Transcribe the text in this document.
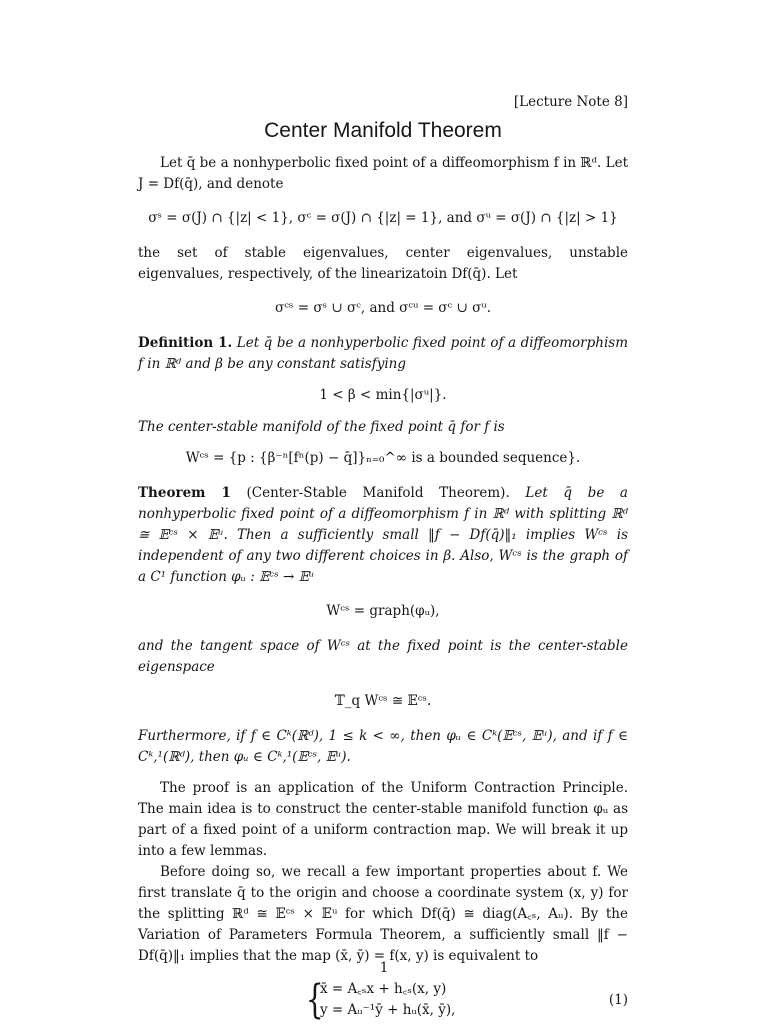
[Lecture Note 8]

Center Manifold Theorem

Let q̄ be a nonhyperbolic fixed point of a diffeomorphism f in ℝᵈ. Let J = Df(q̄), and denote

σˢ = σ(J) ∩ {|z| < 1}, σᶜ = σ(J) ∩ {|z| = 1}, and σᵘ = σ(J) ∩ {|z| > 1}

the set of stable eigenvalues, center eigenvalues, unstable eigenvalues, respectively, of the linearizatoin Df(q̄). Let

σᶜˢ = σˢ ∪ σᶜ, and σᶜᵘ = σᶜ ∪ σᵘ.

Definition 1. Let q̄ be a nonhyperbolic fixed point of a diffeomorphism f in ℝᵈ and β be any constant satisfying

1 < β < min{|σᵘ|}.

The center-stable manifold of the fixed point q̄ for f is

Wᶜˢ = {p : {β⁻ⁿ[fⁿ(p) − q̄]}ₙ₌₀^∞ is a bounded sequence}.

Theorem 1 (Center-Stable Manifold Theorem). Let q̄ be a nonhyperbolic fixed point of a diffeomorphism f in ℝᵈ with splitting ℝᵈ ≅ 𝔼ᶜˢ × 𝔼ᵘ. Then a sufficiently small ‖f − Df(q̄)‖₁ implies Wᶜˢ is independent of any two different choices in β. Also, Wᶜˢ is the graph of a C¹ function φᵤ : 𝔼ᶜˢ → 𝔼ᵘ

Wᶜˢ = graph(φᵤ),

and the tangent space of Wᶜˢ at the fixed point is the center-stable eigenspace

𝕋_q Wᶜˢ ≅ 𝔼ᶜˢ.

Furthermore, if f ∈ Cᵏ(ℝᵈ), 1 ≤ k < ∞, then φᵤ ∈ Cᵏ(𝔼ᶜˢ, 𝔼ᵘ), and if f ∈ Cᵏ,¹(ℝᵈ), then φᵤ ∈ Cᵏ,¹(𝔼ᶜˢ, 𝔼ᵘ).

The proof is an application of the Uniform Contraction Principle. The main idea is to construct the center-stable manifold function φᵤ as part of a fixed point of a uniform contraction map. We will break it up into a few lemmas.

Before doing so, we recall a few important properties about f. We first translate q̄ to the origin and choose a coordinate system (x, y) for the splitting ℝᵈ ≅ 𝔼ᶜˢ × 𝔼ᵘ for which Df(q̄) ≅ diag(A꜀ₛ, Aᵤ). By the Variation of Parameters Formula Theorem, a sufficiently small ‖f − Df(q̄)‖₁ implies that the map (x̄, ȳ) = f(x, y) is equivalent to

{
x̄ = A꜀ₛx + h꜀ₛ(x, y)
y = Aᵤ⁻¹ȳ + hᵤ(x̄, ȳ),
(1)
1
